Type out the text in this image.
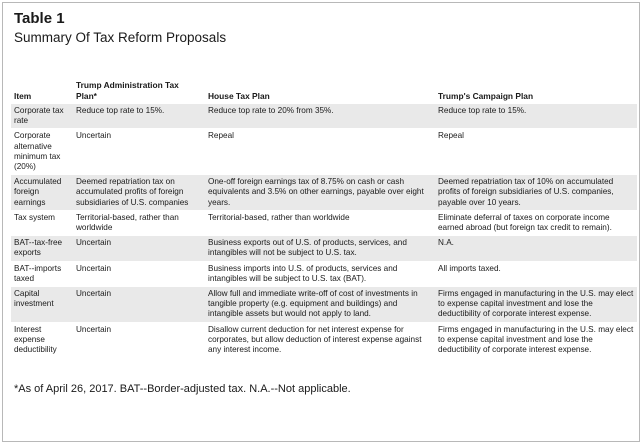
Table 1
Summary Of Tax Reform Proposals
Item	Trump Administration Tax Plan*	House Tax Plan	Trump's Campaign Plan
Corporate tax rate	Reduce top rate to 15%.	Reduce top rate to 20% from 35%.	Reduce top rate to 15%.
Corporate alternative minimum tax (20%)	Uncertain	Repeal	Repeal
Accumulated foreign earnings	Deemed repatriation tax on accumulated profits of foreign subsidiaries of U.S. companies	One-off foreign earnings tax of 8.75% on cash or cash equivalents and 3.5% on other earnings, payable over eight years.	Deemed repatriation tax of 10% on accumulated profits of foreign subsidiaries of U.S. companies, payable over 10 years.
Tax system	Territorial-based, rather than worldwide	Territorial-based, rather than worldwide	Eliminate deferral of taxes on corporate income earned abroad (but foreign tax credit to remain).
BAT--tax-free exports	Uncertain	Business exports out of U.S. of products, services, and intangibles will not be subject to U.S. tax.	N.A.
BAT--imports taxed	Uncertain	Business imports into U.S. of products, services and intangibles will be subject to U.S. tax (BAT).	All imports taxed.
Capital investment	Uncertain	Allow full and immediate write-off of cost of investments in tangible property (e.g. equipment and buildings) and intangible assets but would not apply to land.	Firms engaged in manufacturing in the U.S. may elect to expense capital investment and lose the deductibility of corporate interest expense.
Interest expense deductibility	Uncertain	Disallow current deduction for net interest expense for corporates, but allow deduction of interest expense against any interest income.	Firms engaged in manufacturing in the U.S. may elect to expense capital investment and lose the deductibility of corporate interest expense.
*As of April 26, 2017. BAT--Border-adjusted tax. N.A.--Not applicable.
